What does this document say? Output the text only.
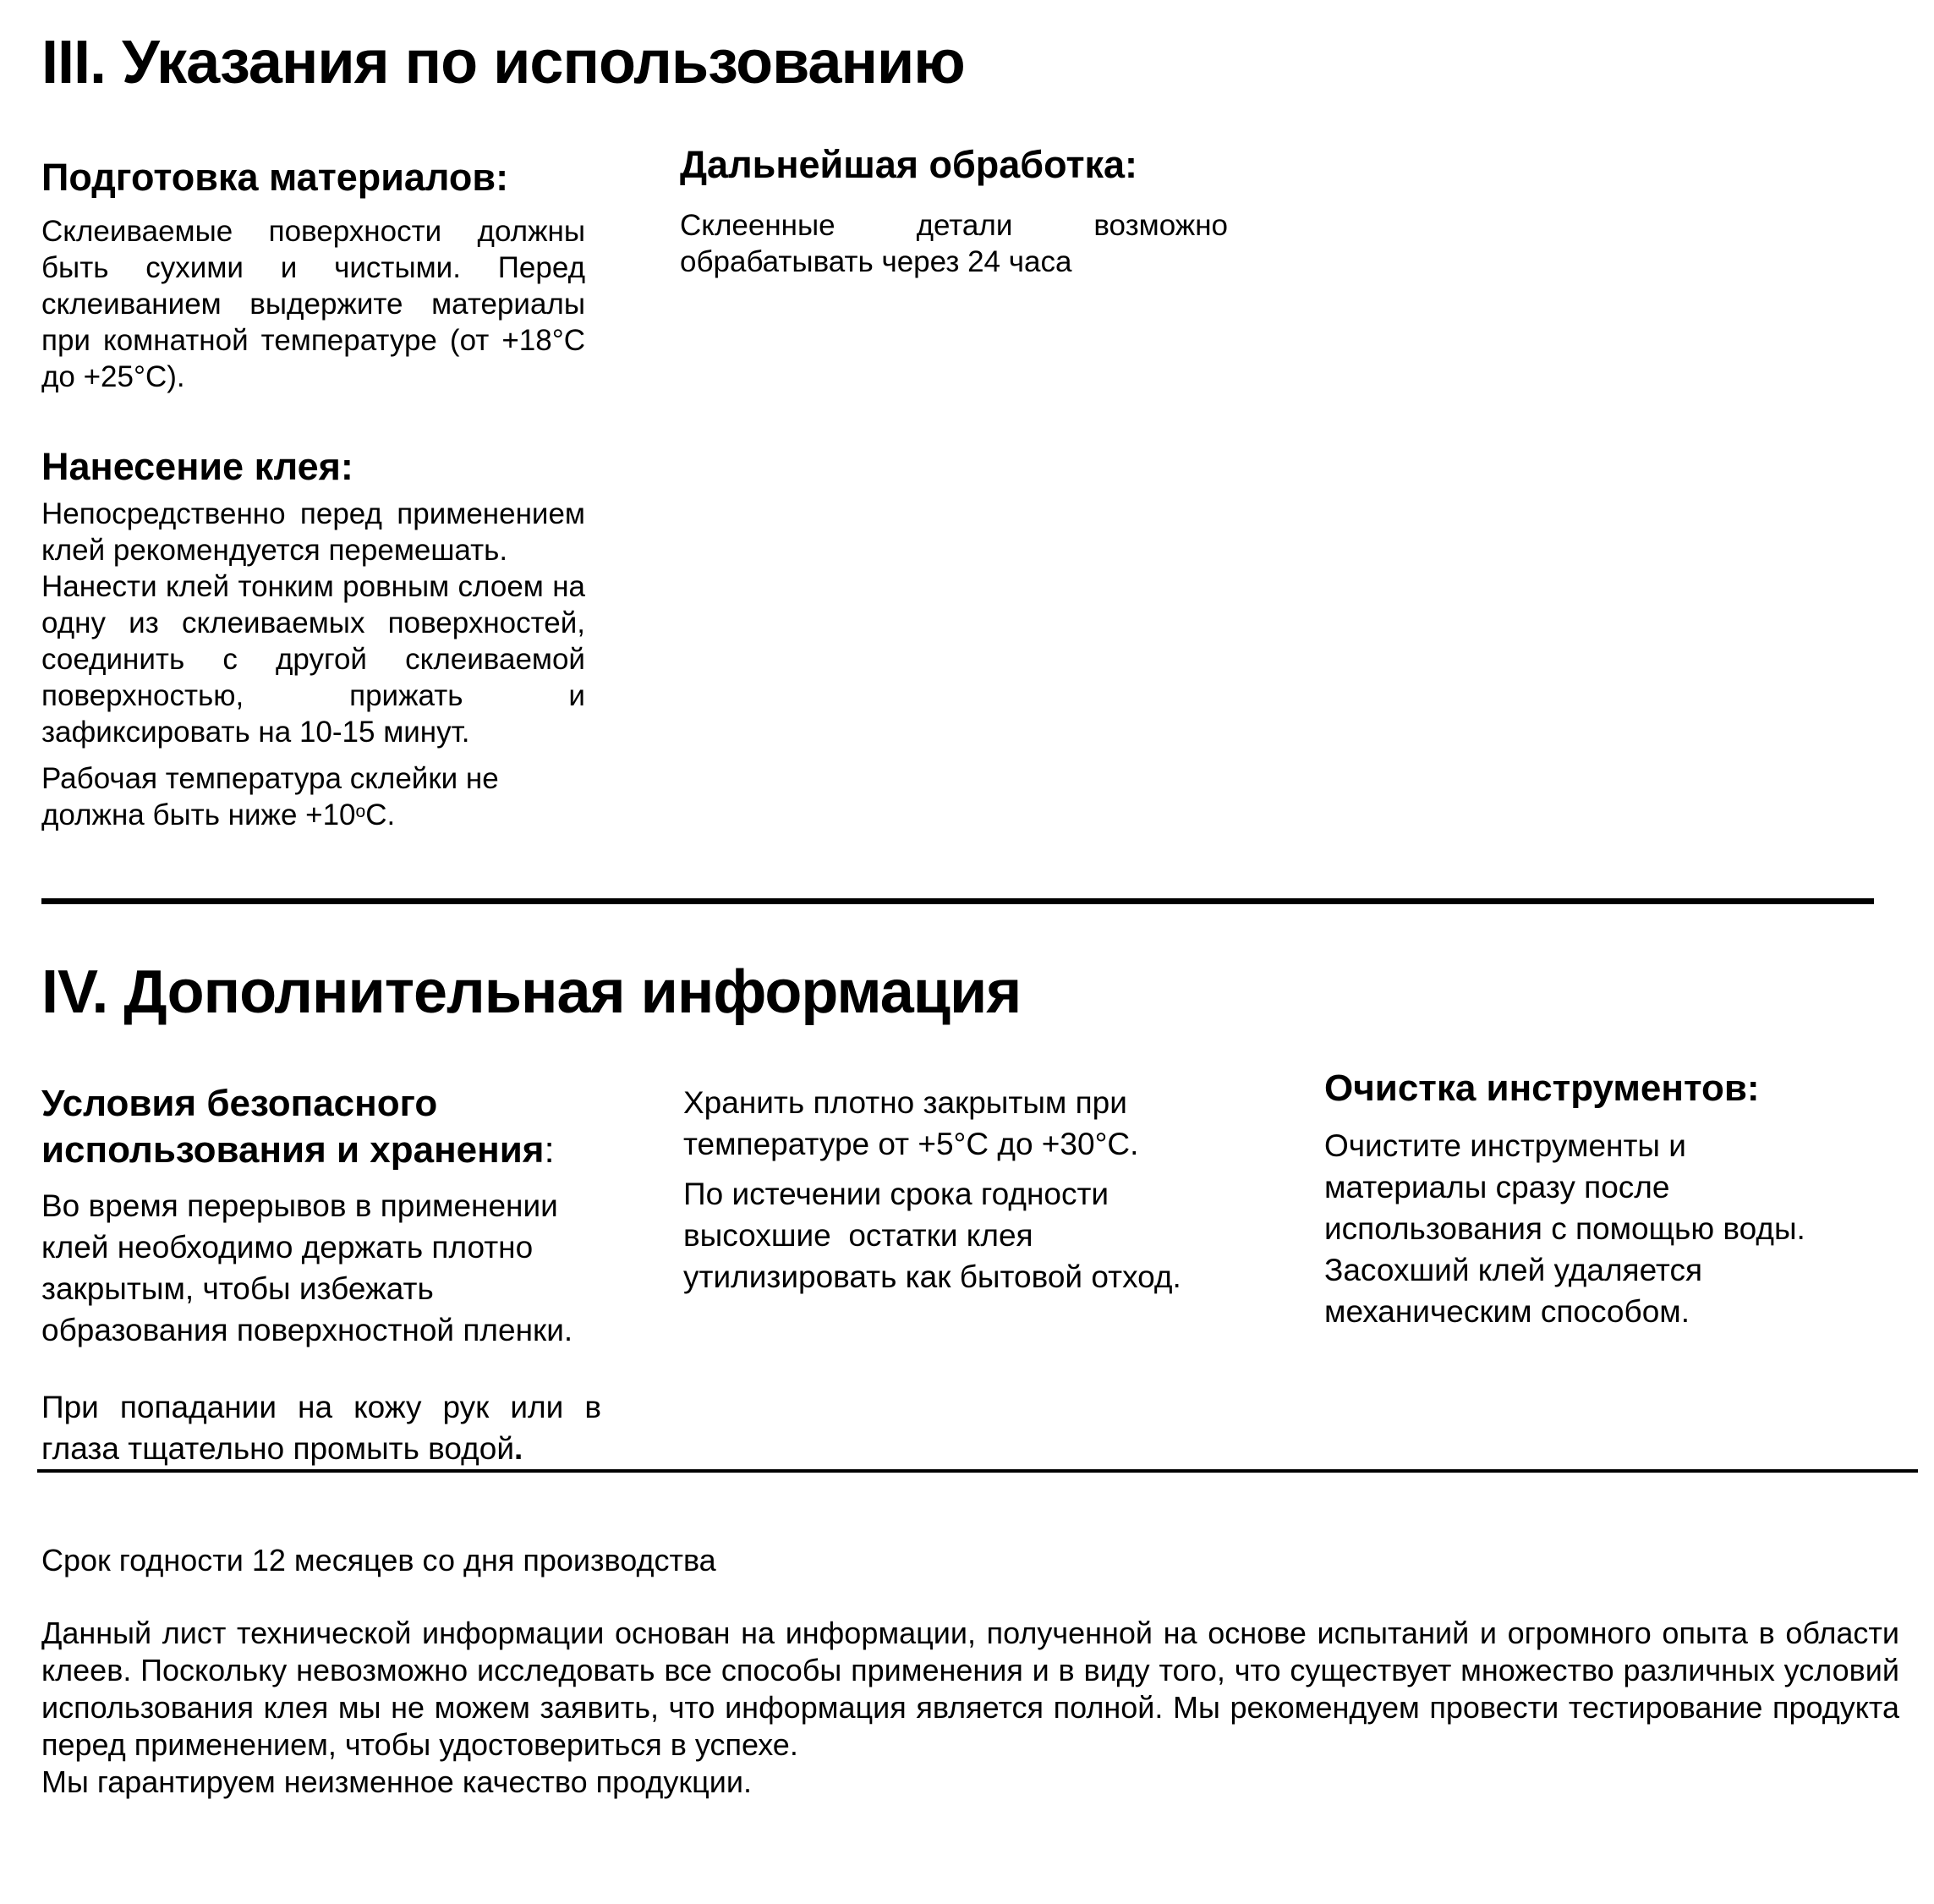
III. Указания по использованию
Подготовка материалов:

Склеиваемые поверхности должны быть сухими и чистыми. Перед склеиванием выдержите материалы при комнатной температуре (от +18°С до +25°С).

Нанесение клея:

Непосредственно перед применением клей рекомендуется перемешать.

Нанести клей тонким ровным слоем на одну из склеиваемых поверхностей, соединить с другой склеиваемой поверхностью, прижать и зафиксировать на 10-15 минут.

Рабочая температура склейки не должна быть ниже $+10^оС$.

Дальнейшая обработка:

Склеенные детали возможно обрабатывать через 24 часа

IV. Дополнительная информация
Условия безопасного использования и хранения:

Во время перерывов в применении клей необходимо держать плотно закрытым, чтобы избежать образования поверхностной пленки.

При попадании на кожу рук или в глаза тщательно промыть водой.

Хранить плотно закрытым при температуре от +5°С до +30°С.

По истечении срока годности высохшие  остатки клея утилизировать как бытовой отход.

Очистка инструментов:

Очистите инструменты и материалы сразу после использования с помощью воды. Засохший клей удаляется механическим способом.

Срок годности 12 месяцев со дня производства

Данный лист технической информации основан на информации, полученной на основе испытаний и огромного опыта в области клеев. Поскольку невозможно исследовать все способы применения и в виду того, что существует множество различных условий использования клея мы не можем заявить, что информация является полной. Мы рекомендуем провести тестирование продукта перед применением, чтобы удостовериться в успехе.

Мы гарантируем неизменное качество продукции.
